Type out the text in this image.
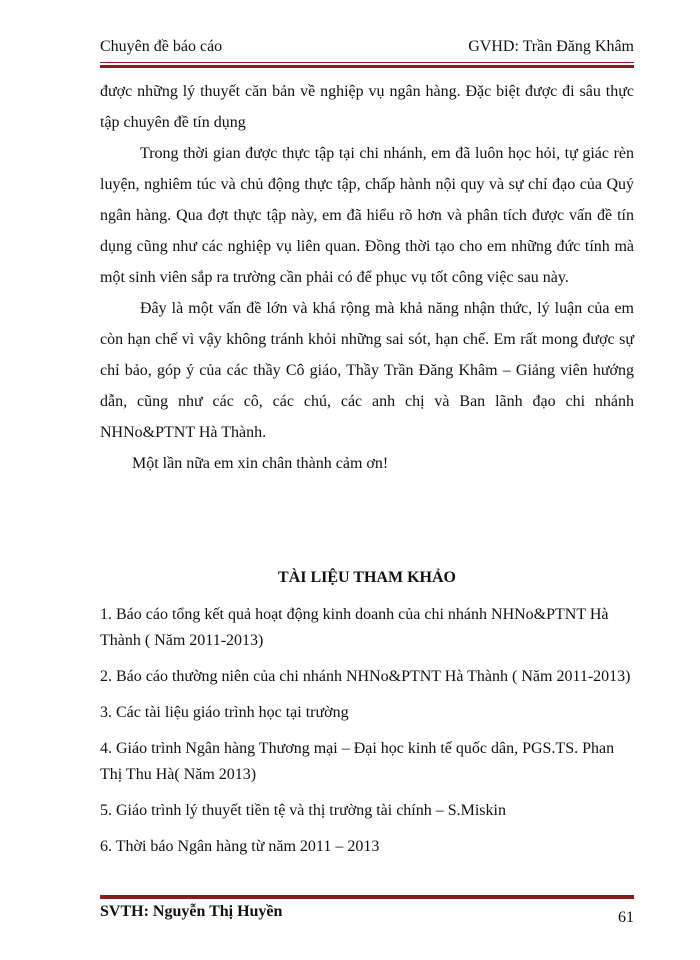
Chuyên đề báo cáo	GVHD: Trần Đăng Khâm

được những lý thuyết căn bản về nghiệp vụ ngân hàng. Đặc biệt được đi sâu thực tập chuyên đề tín dụng

Trong thời gian được thực tập tại chi nhánh, em đã luôn học hỏi, tự giác rèn luyện, nghiêm túc và chủ động thực tập, chấp hành nội quy và sự chỉ đạo của Quý ngân hàng. Qua đợt thực tập này, em đã hiểu rõ hơn và phân tích được vấn đề tín dụng cũng như các nghiệp vụ liên quan. Đồng thời tạo cho em những đức tính mà một sinh viên sắp ra trường cần phải có để phục vụ tốt công việc sau này.

Đây là một vấn đề lớn và khá rộng mà khả năng nhận thức, lý luận của em còn hạn chế vì vậy không tránh khỏi những sai sót, hạn chế. Em rất mong được sự chỉ bảo, góp ý của các thầy Cô giáo, Thầy Trần Đăng Khâm – Giảng viên hướng dẫn, cũng như các cô, các chú, các anh chị và Ban lãnh đạo chi nhánh NHNo&PTNT Hà Thành.

Một lần nữa em xin chân thành cảm ơn!

TÀI LIỆU THAM KHẢO
1. Báo cáo tổng kết quả hoạt động kinh doanh của chi nhánh NHNo&PTNT Hà Thành ( Năm 2011-2013)
2. Báo cáo thường niên của chi nhánh NHNo&PTNT Hà Thành ( Năm 2011-2013)
3. Các tài liệu giáo trình học tại trường
4. Giáo trình Ngân hàng Thương mại – Đại học kinh tế quốc dân, PGS.TS. Phan Thị Thu Hà( Năm 2013)
5. Giáo trình lý thuyết tiền tệ và thị trường tài chính – S.Miskin
6. Thời báo Ngân hàng từ năm 2011 – 2013
SVTH: Nguyễn Thị Huyền	61
